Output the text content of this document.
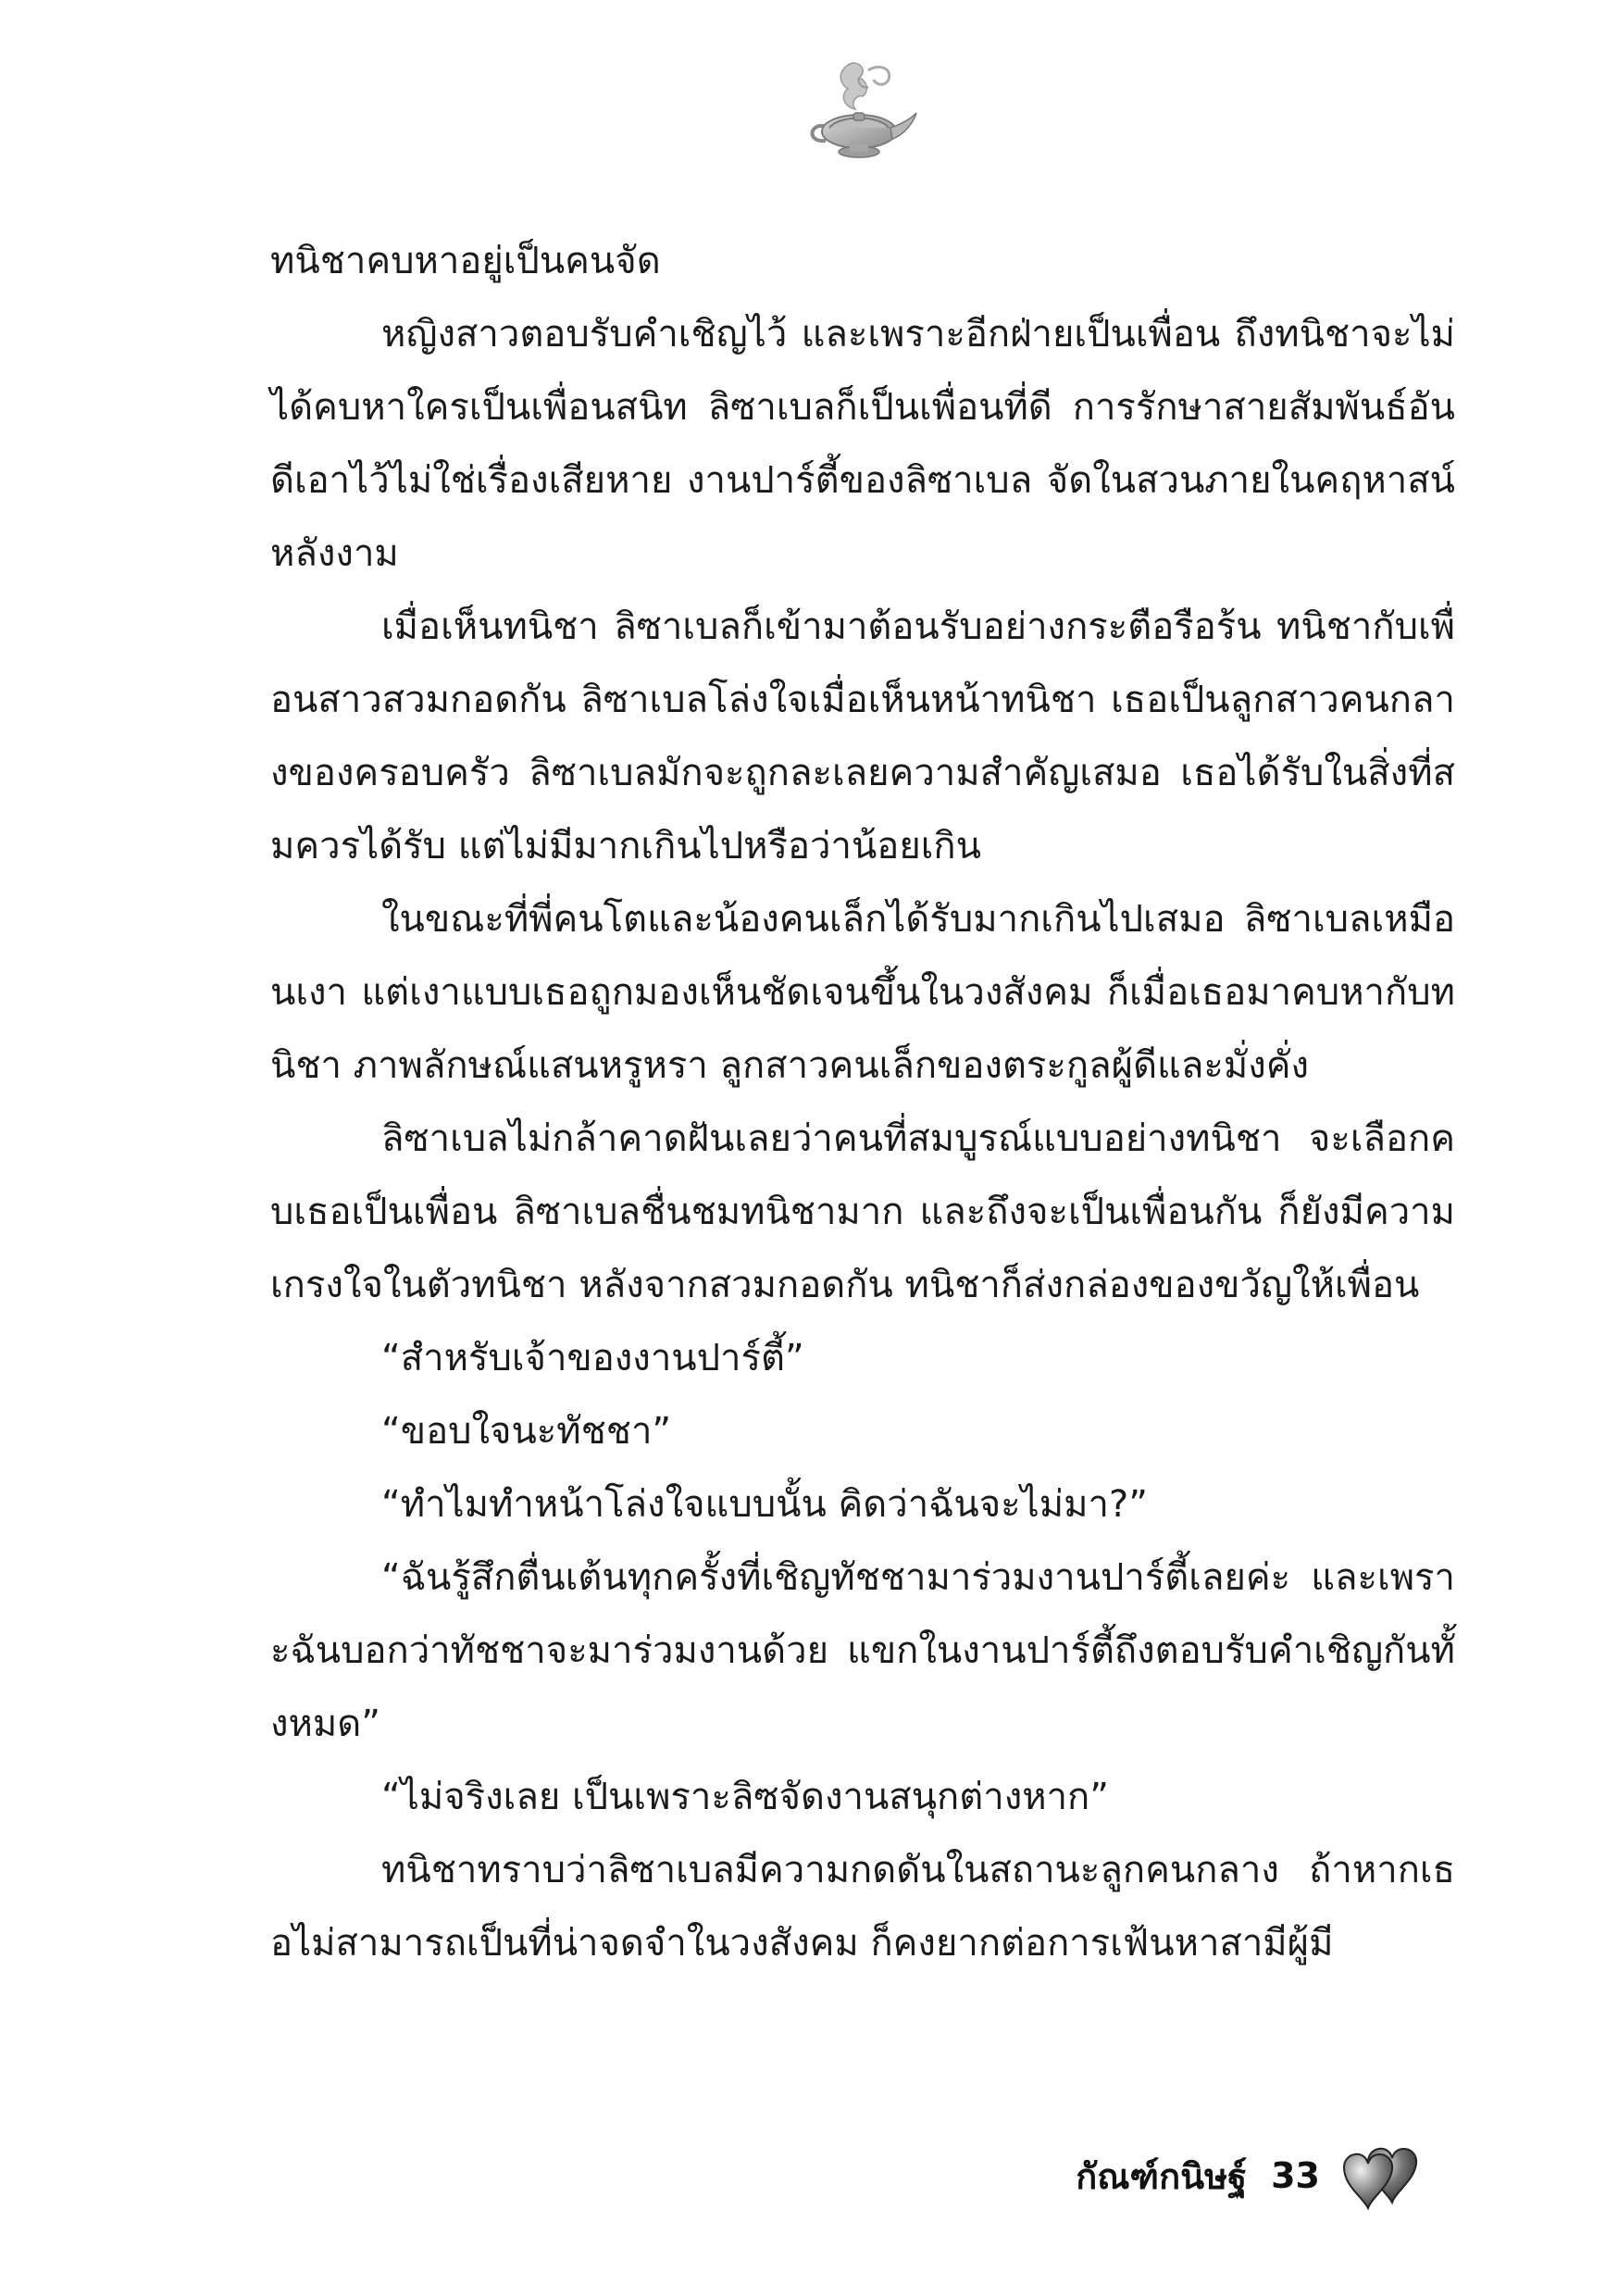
ทนิชาคบหาอยู่เป็นคนจัด

หญิงสาวตอบรับคำเชิญไว้ และเพราะอีกฝ่ายเป็นเพื่อน ถึงทนิชาจะไม่ได้คบหาใครเป็นเพื่อนสนิท ลิซาเบลก็เป็นเพื่อนที่ดี การรักษาสายสัมพันธ์อันดีเอาไว้ไม่ใช่เรื่องเสียหาย งานปาร์ตี้ของลิซาเบล จัดในสวนภายในคฤหาสน์หลังงาม

เมื่อเห็นทนิชา ลิซาเบลก็เข้ามาต้อนรับอย่างกระตือรือร้น ทนิชากับเพื่อนสาวสวมกอดกัน ลิซาเบลโล่งใจเมื่อเห็นหน้าทนิชา เธอเป็นลูกสาวคนกลางของครอบครัว ลิซาเบลมักจะถูกละเลยความสำคัญเสมอ เธอได้รับในสิ่งที่สมควรได้รับ แต่ไม่มีมากเกินไปหรือว่าน้อยเกิน

ในขณะที่พี่คนโตและน้องคนเล็กได้รับมากเกินไปเสมอ ลิซาเบลเหมือนเงา แต่เงาแบบเธอถูกมองเห็นชัดเจนขึ้นในวงสังคม ก็เมื่อเธอมาคบหากับทนิชา ภาพลักษณ์แสนหรูหรา ลูกสาวคนเล็กของตระกูลผู้ดีและมั่งคั่ง

ลิซาเบลไม่กล้าคาดฝันเลยว่าคนที่สมบูรณ์แบบอย่างทนิชา จะเลือกคบเธอเป็นเพื่อน ลิซาเบลชื่นชมทนิชามาก และถึงจะเป็นเพื่อนกัน ก็ยังมีความเกรงใจในตัวทนิชา หลังจากสวมกอดกัน ทนิชาก็ส่งกล่องของขวัญให้เพื่อน

“สำหรับเจ้าของงานปาร์ตี้”

“ขอบใจนะทัชชา”

“ทำไมทำหน้าโล่งใจแบบนั้น คิดว่าฉันจะไม่มา?”

“ฉันรู้สึกตื่นเต้นทุกครั้งที่เชิญทัชชามาร่วมงานปาร์ตี้เลยค่ะ และเพราะฉันบอกว่าทัชชาจะมาร่วมงานด้วย แขกในงานปาร์ตี้ถึงตอบรับคำเชิญกันทั้งหมด”

“ไม่จริงเลย เป็นเพราะลิซจัดงานสนุกต่างหาก”

ทนิชาทราบว่าลิซาเบลมีความกดดันในสถานะลูกคนกลาง ถ้าหากเธอไม่สามารถเป็นที่น่าจดจำในวงสังคม ก็คงยากต่อการเฟ้นหาสามีผู้มี

กัณฑ์กนิษฐ์ 33
